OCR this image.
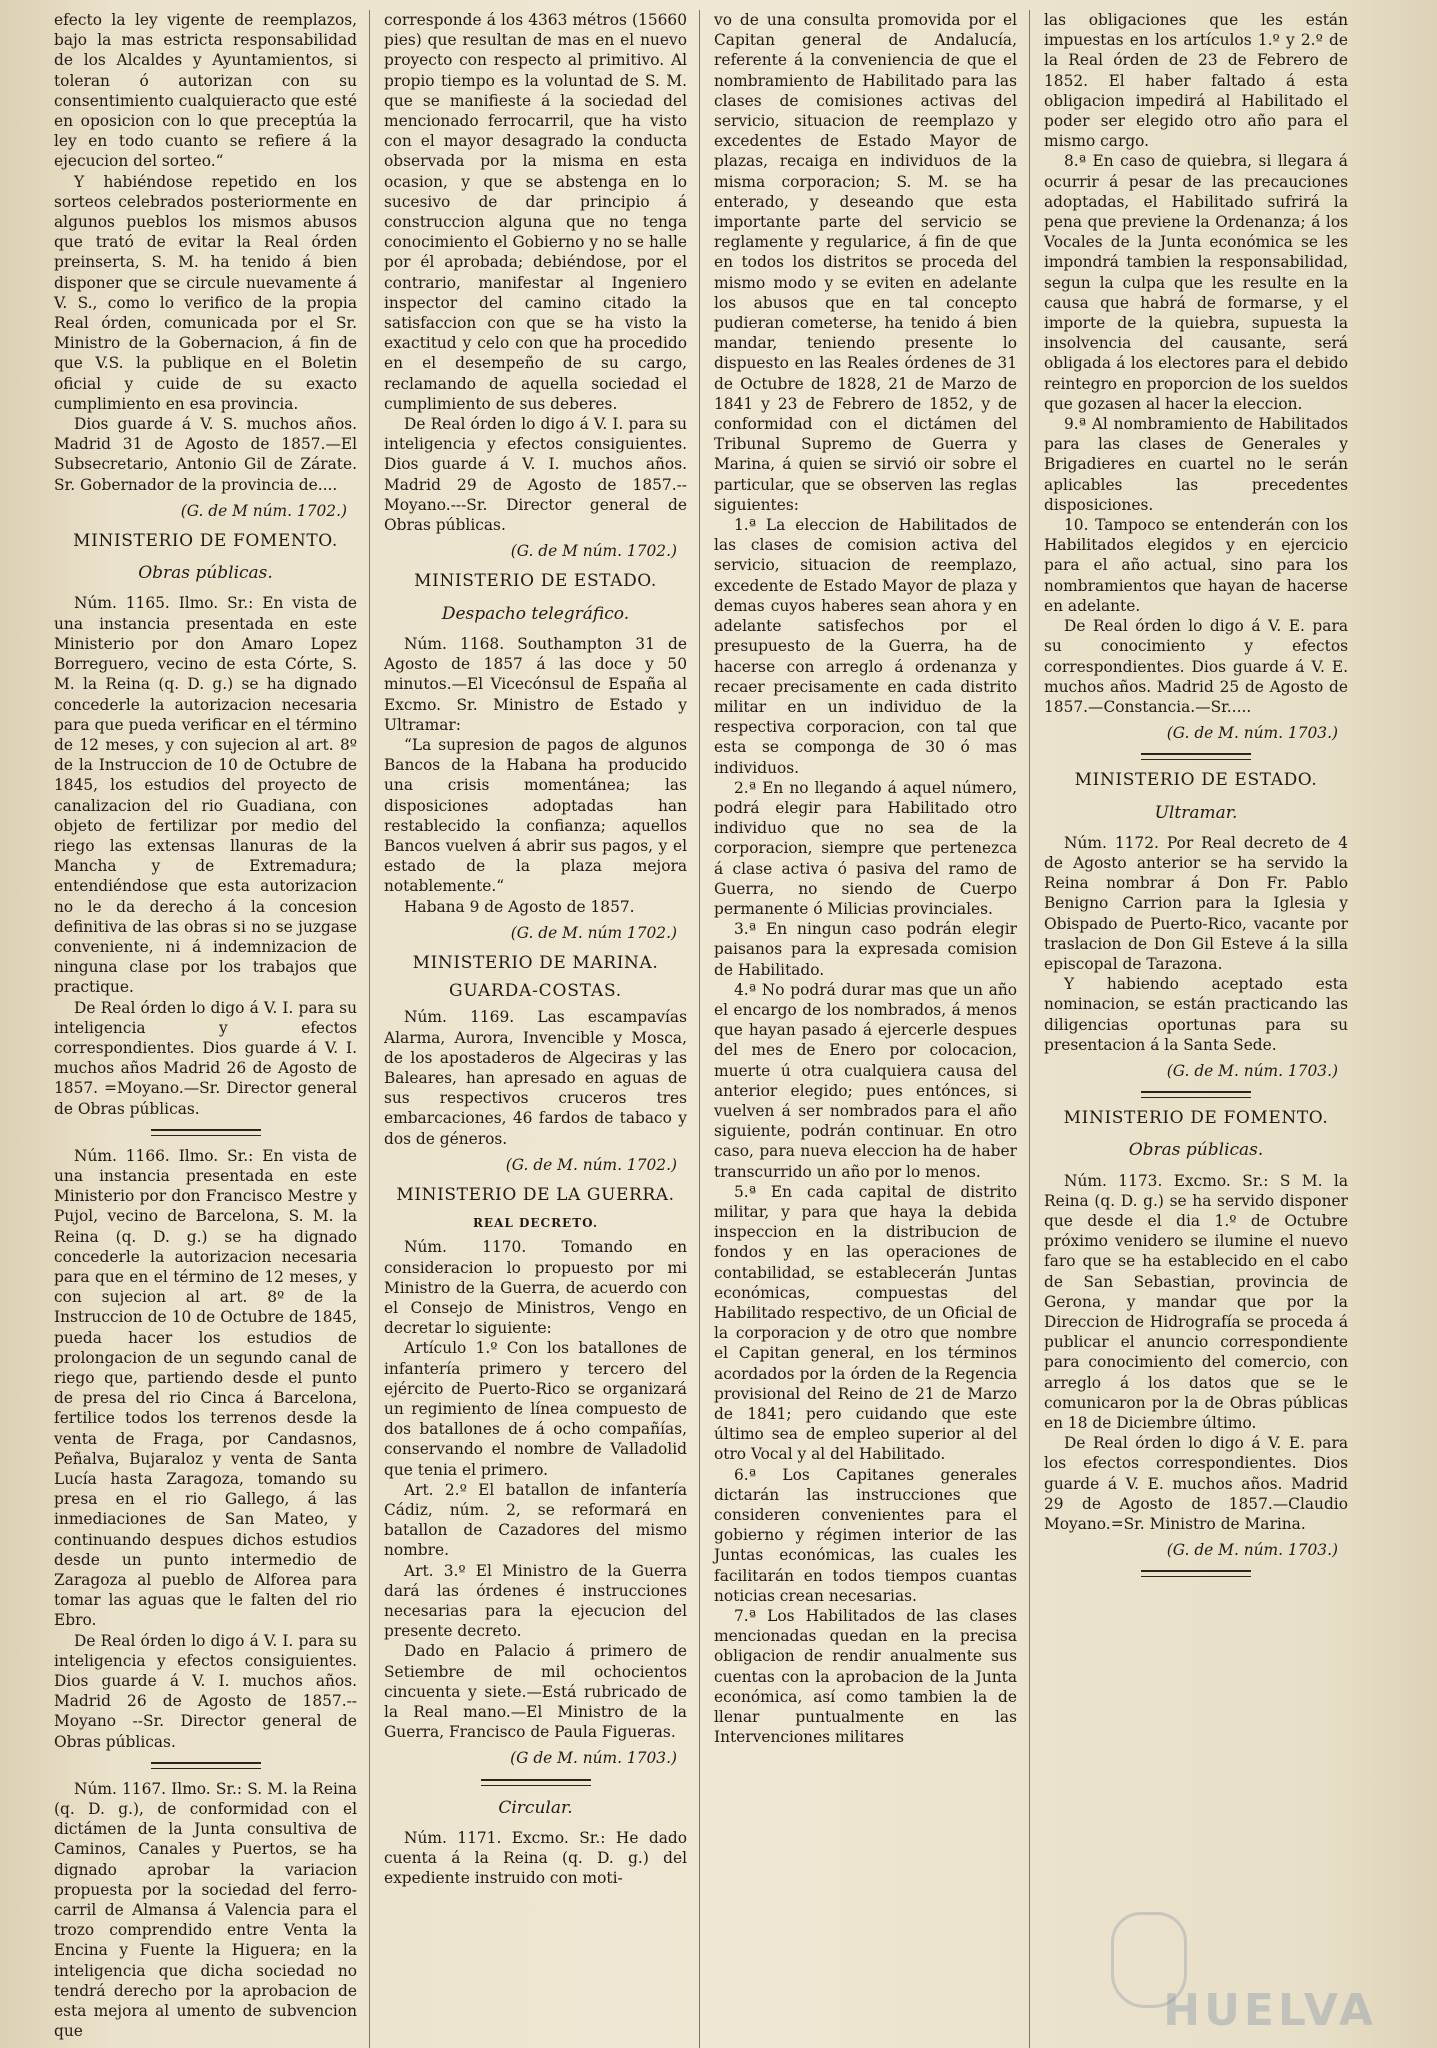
efecto la ley vigente de reemplazos, bajo la mas estricta responsabilidad de los Alcaldes y Ayuntamientos, si toleran ó autorizan con su consentimiento cualquieracto que esté en oposicion con lo que preceptúa la ley en todo cuanto se refiere á la ejecucion del sorteo.“

Y habiéndose repetido en los sorteos celebrados posteriormente en algunos pueblos los mismos abusos que trató de evitar la Real órden preinserta, S. M. ha tenido á bien disponer que se circule nuevamente á V. S., como lo verifico de la propia Real órden, comunicada por el Sr. Ministro de la Gobernacion, á fin de que V.S. la publique en el Boletin oficial y cuide de su exacto cumplimiento en esa provincia.

Dios guarde á V. S. muchos años. Madrid 31 de Agosto de 1857.—El Subsecretario, Antonio Gil de Zárate. Sr. Gobernador de la provincia de....

(G. de M núm. 1702.)

MINISTERIO DE FOMENTO.

Obras públicas.

Núm. 1165. Ilmo. Sr.: En vista de una instancia presentada en este Ministerio por don Amaro Lopez Borreguero, vecino de esta Córte, S. M. la Reina (q. D. g.) se ha dignado concederle la autorizacion necesaria para que pueda verificar en el término de 12 meses, y con sujecion al art. 8º de la Instruccion de 10 de Octubre de 1845, los estudios del proyecto de canalizacion del rio Guadiana, con objeto de fertilizar por medio del riego las extensas llanuras de la Mancha y de Extremadura; entendiéndose que esta autorizacion no le da derecho á la concesion definitiva de las obras si no se juzgase conveniente, ni á indemnizacion de ninguna clase por los trabajos que practique.

De Real órden lo digo á V. I. para su inteligencia y efectos correspondientes. Dios guarde á V. I. muchos años Madrid 26 de Agosto de 1857. =Moyano.—Sr. Director general de Obras públicas.

Núm. 1166. Ilmo. Sr.: En vista de una instancia presentada en este Ministerio por don Francisco Mestre y Pujol, vecino de Barcelona, S. M. la Reina (q. D. g.) se ha dignado concederle la autorizacion necesaria para que en el término de 12 meses, y con sujecion al art. 8º de la Instruccion de 10 de Octubre de 1845, pueda hacer los estudios de prolongacion de un segundo canal de riego que, partiendo desde el punto de presa del rio Cinca á Barcelona, fertilice todos los terrenos desde la venta de Fraga, por Candasnos, Peñalva, Bujaraloz y venta de Santa Lucía hasta Zaragoza, tomando su presa en el rio Gallego, á las inmediaciones de San Mateo, y continuando despues dichos estudios desde un punto intermedio de Zaragoza al pueblo de Alforea para tomar las aguas que le falten del rio Ebro.

De Real órden lo digo á V. I. para su inteligencia y efectos consiguientes. Dios guarde á V. I. muchos años. Madrid 26 de Agosto de 1857.--Moyano --Sr. Director general de Obras públicas.

Núm. 1167. Ilmo. Sr.: S. M. la Reina (q. D. g.), de conformidad con el dictámen de la Junta consultiva de Caminos, Canales y Puertos, se ha dignado aprobar la variacion propuesta por la sociedad del ferro-carril de Almansa á Valencia para el trozo comprendido entre Venta la Encina y Fuente la Higuera; en la inteligencia que dicha sociedad no tendrá derecho por la aprobacion de esta mejora al umento de subvencion que

corresponde á los 4363 métros (15660 pies) que resultan de mas en el nuevo proyecto con respecto al primitivo. Al propio tiempo es la voluntad de S. M. que se manifieste á la sociedad del mencionado ferrocarril, que ha visto con el mayor desagrado la conducta observada por la misma en esta ocasion, y que se abstenga en lo sucesivo de dar principio á construccion alguna que no tenga conocimiento el Gobierno y no se halle por él aprobada; debiéndose, por el contrario, manifestar al Ingeniero inspector del camino citado la satisfaccion con que se ha visto la exactitud y celo con que ha procedido en el desempeño de su cargo, reclamando de aquella sociedad el cumplimiento de sus deberes.

De Real órden lo digo á V. I. para su inteligencia y efectos consiguientes. Dios guarde á V. I. muchos años. Madrid 29 de Agosto de 1857.--Moyano.---Sr. Director general de Obras públicas.

(G. de M núm. 1702.)

MINISTERIO DE ESTADO.

Despacho telegráfico.

Núm. 1168. Southampton 31 de Agosto de 1857 á las doce y 50 minutos.—El Vicecónsul de España al Excmo. Sr. Ministro de Estado y Ultramar:

“La supresion de pagos de algunos Bancos de la Habana ha producido una crisis momentánea; las disposiciones adoptadas han restablecido la confianza; aquellos Bancos vuelven á abrir sus pagos, y el estado de la plaza mejora notablemente.“

Habana 9 de Agosto de 1857.

(G. de M. núm 1702.)

MINISTERIO DE MARINA.
GUARDA-COSTAS.

Núm. 1169. Las escampavías Alarma, Aurora, Invencible y Mosca, de los apostaderos de Algeciras y las Baleares, han apresado en aguas de sus respectivos cruceros tres embarcaciones, 46 fardos de tabaco y dos de géneros.

(G. de M. núm. 1702.)

MINISTERIO DE LA GUERRA.

REAL DECRETO.

Núm. 1170. Tomando en consideracion lo propuesto por mi Ministro de la Guerra, de acuerdo con el Consejo de Ministros, Vengo en decretar lo siguiente:

Artículo 1.º Con los batallones de infantería primero y tercero del ejército de Puerto-Rico se organizará un regimiento de línea compuesto de dos batallones de á ocho compañías, conservando el nombre de Valladolid que tenia el primero.

Art. 2.º El batallon de infantería Cádiz, núm. 2, se reformará en batallon de Cazadores del mismo nombre.

Art. 3.º El Ministro de la Guerra dará las órdenes é instrucciones necesarias para la ejecucion del presente decreto.

Dado en Palacio á primero de Setiembre de mil ochocientos cincuenta y siete.—Está rubricado de la Real mano.—El Ministro de la Guerra, Francisco de Paula Figueras.

(G de M. núm. 1703.)

Circular.

Núm. 1171. Excmo. Sr.: He dado cuenta á la Reina (q. D. g.) del expediente instruido con moti-

vo de una consulta promovida por el Capitan general de Andalucía, referente á la conveniencia de que el nombramiento de Habilitado para las clases de comisiones activas del servicio, situacion de reemplazo y excedentes de Estado Mayor de plazas, recaiga en individuos de la misma corporacion; S. M. se ha enterado, y deseando que esta importante parte del servicio se reglamente y regularice, á fin de que en todos los distritos se proceda del mismo modo y se eviten en adelante los abusos que en tal concepto pudieran cometerse, ha tenido á bien mandar, teniendo presente lo dispuesto en las Reales órdenes de 31 de Octubre de 1828, 21 de Marzo de 1841 y 23 de Febrero de 1852, y de conformidad con el dictámen del Tribunal Supremo de Guerra y Marina, á quien se sirvió oir sobre el particular, que se observen las reglas siguientes:

1.ª La eleccion de Habilitados de las clases de comision activa del servicio, situacion de reemplazo, excedente de Estado Mayor de plaza y demas cuyos haberes sean ahora y en adelante satisfechos por el presupuesto de la Guerra, ha de hacerse con arreglo á ordenanza y recaer precisamente en cada distrito militar en un individuo de la respectiva corporacion, con tal que esta se componga de 30 ó mas individuos.

2.ª En no llegando á aquel número, podrá elegir para Habilitado otro individuo que no sea de la corporacion, siempre que pertenezca á clase activa ó pasiva del ramo de Guerra, no siendo de Cuerpo permanente ó Milicias provinciales.

3.ª En ningun caso podrán elegir paisanos para la expresada comision de Habilitado.

4.ª No podrá durar mas que un año el encargo de los nombrados, á menos que hayan pasado á ejercerle despues del mes de Enero por colocacion, muerte ú otra cualquiera causa del anterior elegido; pues entónces, si vuelven á ser nombrados para el año siguiente, podrán continuar. En otro caso, para nueva eleccion ha de haber transcurrido un año por lo menos.

5.ª En cada capital de distrito militar, y para que haya la debida inspeccion en la distribucion de fondos y en las operaciones de contabilidad, se establecerán Juntas económicas, compuestas del Habilitado respectivo, de un Oficial de la corporacion y de otro que nombre el Capitan general, en los términos acordados por la órden de la Regencia provisional del Reino de 21 de Marzo de 1841; pero cuidando que este último sea de empleo superior al del otro Vocal y al del Habilitado.

6.ª Los Capitanes generales dictarán las instrucciones que consideren convenientes para el gobierno y régimen interior de las Juntas económicas, las cuales les facilitarán en todos tiempos cuantas noticias crean necesarias.

7.ª Los Habilitados de las clases mencionadas quedan en la precisa obligacion de rendir anualmente sus cuentas con la aprobacion de la Junta económica, así como tambien la de llenar puntualmente en las Intervenciones militares

las obligaciones que les están impuestas en los artículos 1.º y 2.º de la Real órden de 23 de Febrero de 1852. El haber faltado á esta obligacion impedirá al Habilitado el poder ser elegido otro año para el mismo cargo.

8.ª En caso de quiebra, si llegara á ocurrir á pesar de las precauciones adoptadas, el Habilitado sufrirá la pena que previene la Ordenanza; á los Vocales de la Junta económica se les impondrá tambien la responsabilidad, segun la culpa que les resulte en la causa que habrá de formarse, y el importe de la quiebra, supuesta la insolvencia del causante, será obligada á los electores para el debido reintegro en proporcion de los sueldos que gozasen al hacer la eleccion.

9.ª Al nombramiento de Habilitados para las clases de Generales y Brigadieres en cuartel no le serán aplicables las precedentes disposiciones.

10. Tampoco se entenderán con los Habilitados elegidos y en ejercicio para el año actual, sino para los nombramientos que hayan de hacerse en adelante.

De Real órden lo digo á V. E. para su conocimiento y efectos correspondientes. Dios guarde á V. E. muchos años. Madrid 25 de Agosto de 1857.—Constancia.—Sr.....

(G. de M. núm. 1703.)

MINISTERIO DE ESTADO.

Ultramar.

Núm. 1172. Por Real decreto de 4 de Agosto anterior se ha servido la Reina nombrar á Don Fr. Pablo Benigno Carrion para la Iglesia y Obispado de Puerto-Rico, vacante por traslacion de Don Gil Esteve á la silla episcopal de Tarazona.

Y habiendo aceptado esta nominacion, se están practicando las diligencias oportunas para su presentacion á la Santa Sede.

(G. de M. núm. 1703.)

MINISTERIO DE FOMENTO.

Obras públicas.

Núm. 1173. Excmo. Sr.: S M. la Reina (q. D. g.) se ha servido disponer que desde el dia 1.º de Octubre próximo venidero se ilumine el nuevo faro que se ha establecido en el cabo de San Sebastian, provincia de Gerona, y mandar que por la Direccion de Hidrografía se proceda á publicar el anuncio correspondiente para conocimiento del comercio, con arreglo á los datos que se le comunicaron por la de Obras públicas en 18 de Diciembre último.

De Real órden lo digo á V. E. para los efectos correspondientes. Dios guarde á V. E. muchos años. Madrid 29 de Agosto de 1857.—Claudio Moyano.=Sr. Ministro de Marina.

(G. de M. núm. 1703.)

HUELVA
